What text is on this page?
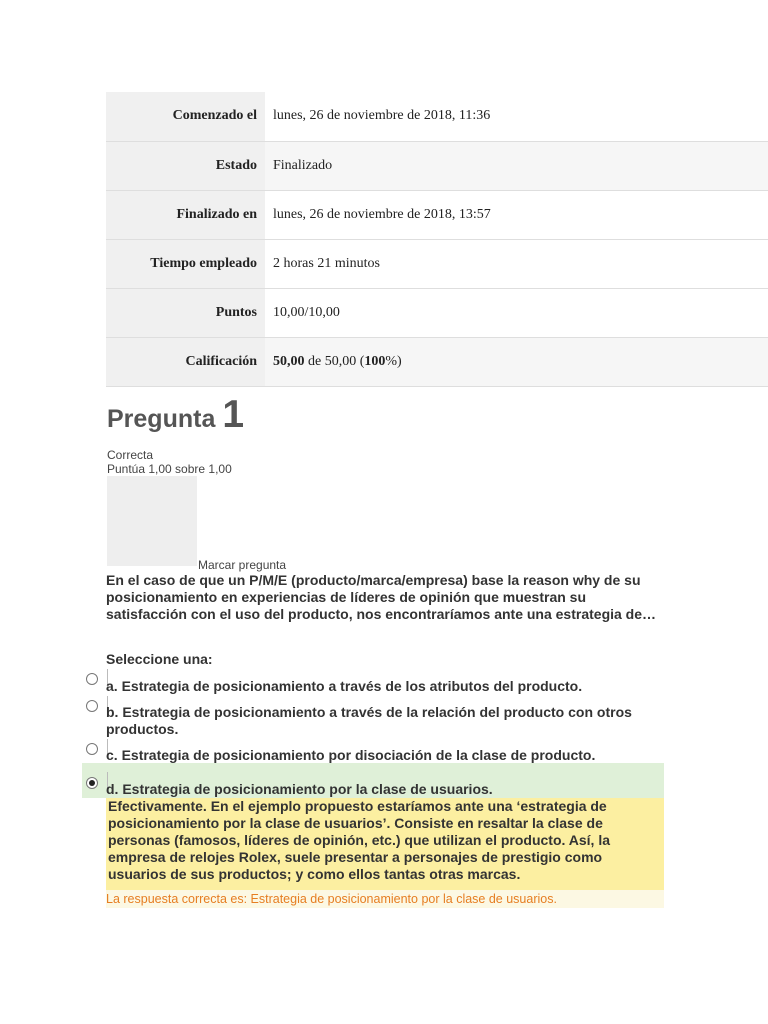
Comenzado el	lunes, 26 de noviembre de 2018, 11:36
Estado	Finalizado
Finalizado en	lunes, 26 de noviembre de 2018, 13:57
Tiempo empleado	2 horas 21 minutos
Puntos	10,00/10,00
Calificación	50,00 de 50,00 (100%)
Pregunta 1
Correcta
Puntúa 1,00 sobre 1,00
Marcar pregunta
En el caso de que un P/M/E (producto/marca/empresa) base la reason why de su posicionamiento en experiencias de líderes de opinión que muestran su satisfacción con el uso del producto, nos encontraríamos ante una estrategia de…
Seleccione una:
a. Estrategia de posicionamiento a través de los atributos del producto.
b. Estrategia de posicionamiento a través de la relación del producto con otros productos.
c. Estrategia de posicionamiento por disociación de la clase de producto.
d. Estrategia de posicionamiento por la clase de usuarios.
Efectivamente. En el ejemplo propuesto estaríamos ante una ‘estrategia de posicionamiento por la clase de usuarios’. Consiste en resaltar la clase de personas (famosos, líderes de opinión, etc.) que utilizan el producto. Así, la empresa de relojes Rolex, suele presentar a personajes de prestigio como usuarios de sus productos; y como ellos tantas otras marcas.
La respuesta correcta es: Estrategia de posicionamiento por la clase de usuarios.
